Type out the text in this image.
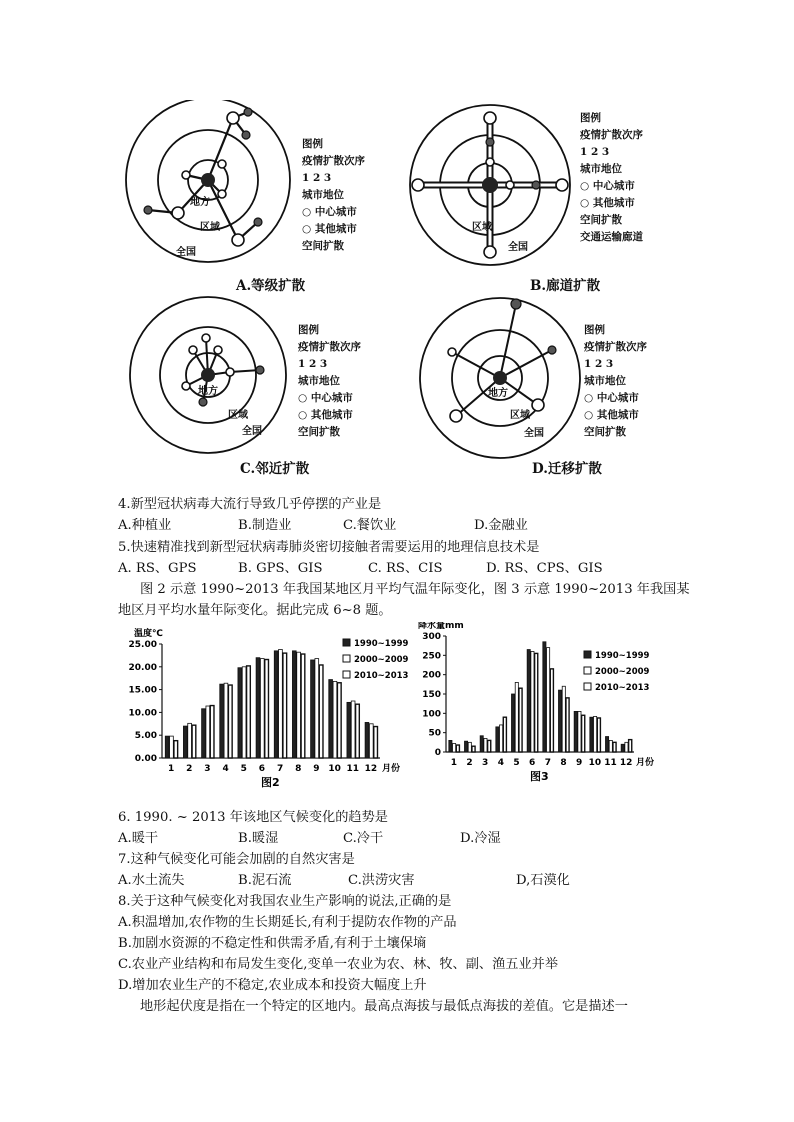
地方
区域
全国
图例
疫情扩散次序
1 2 3
城市地位
○ 中心城市
○ 其他城市
空间扩散
A.等级扩散
区域
全国
图例
疫情扩散次序
1 2 3
城市地位
○ 中心城市
○ 其他城市
空间扩散
交通运输廊道
B.廊道扩散
地方
区域
全国
图例
疫情扩散次序
1 2 3
城市地位
○ 中心城市
○ 其他城市
空间扩散
C.邻近扩散
地方
区域
全国
图例
疫情扩散次序
1 2 3
城市地位
○ 中心城市
○ 其他城市
空间扩散
D.迁移扩散
4.新型冠状病毒大流行导致几乎停摆的产业是
A.种植业	B.制造业	C.餐饮业	D.金融业
5.快速精准找到新型冠状病毒肺炎密切接触者需要运用的地理信息技术是
A. RS、GPS	B. GPS、GIS	C. RS、CIS	D. RS、CPS、GIS
图 2 示意 1990~2013 年我国某地区月平均气温年际变化，图 3 示意 1990~2013 年我国某
地区月平均水量年际变化。据此完成 6~8 题。
温度℃
0.00
5.00
10.00
15.00
20.00
25.00
1 2 3 4 5 6 7 8 9 10 11 12 月份
图2
1990~1999
2000~2009
2010~2013
降水量mm
0
50
100
150
200
250
300
1 2 3 4 5 6 7 8 9 10 11 12 月份
图3
1990~1999
2000~2009
2010~2013
6. 1990. ~ 2013 年该地区气候变化的趋势是
A.暖干	B.暖湿	C.冷干	D.冷湿
7.这种气候变化可能会加剧的自然灾害是
A.水土流失	B.泥石流	C.洪涝灾害	D,石漠化
8.关于这种气候变化对我国农业生产影响的说法,正确的是
A.积温增加,农作物的生长期延长,有利于提防农作物的产品
B.加剧水资源的不稳定性和供需矛盾,有利于土壤保墒
C.农业产业结构和布局发生变化,变单一农业为农、林、牧、副、渔五业并举
D.增加农业生产的不稳定,农业成本和投资大幅度上升
地形起伏度是指在一个特定的区地内。最高点海拔与最低点海拔的差值。它是描述一
